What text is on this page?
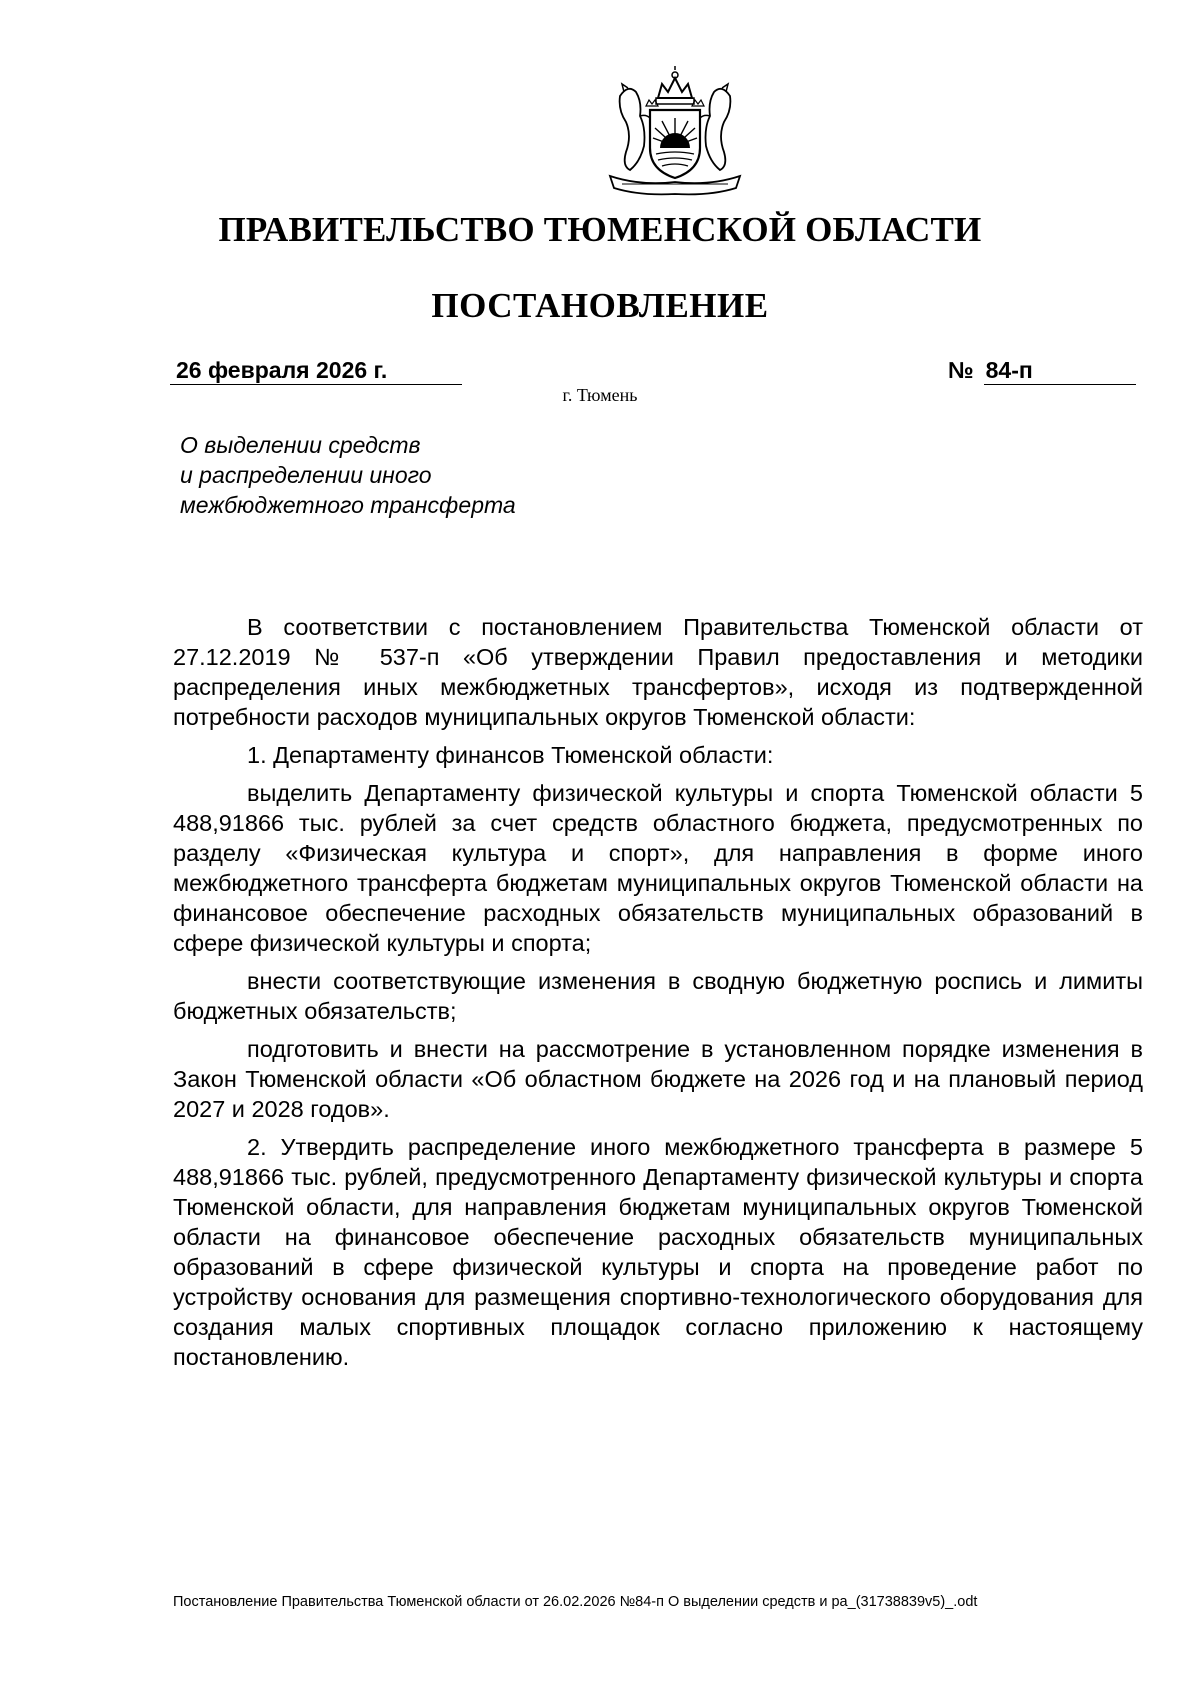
ПРАВИТЕЛЬСТВО ТЮМЕНСКОЙ ОБЛАСТИ
ПОСТАНОВЛЕНИЕ
26 февраля 2026 г.	№ 84-п
г. Тюмень
О выделении средств
и распределении иного
межбюджетного трансферта

В соответствии с постановлением Правительства Тюменской области от 27.12.2019 № 537-п «Об утверждении Правил предоставления и методики распределения иных межбюджетных трансфертов», исходя из подтвержденной потребности расходов муниципальных округов Тюменской области:

1. Департаменту финансов Тюменской области:

выделить Департаменту физической культуры и спорта Тюменской области 5 488,91866 тыс. рублей за счет средств областного бюджета, предусмотренных по разделу «Физическая культура и спорт», для направления в форме иного межбюджетного трансферта бюджетам муниципальных округов Тюменской области на финансовое обеспечение расходных обязательств муниципальных образований в сфере физической культуры и спорта;

внести соответствующие изменения в сводную бюджетную роспись и лимиты бюджетных обязательств;

подготовить и внести на рассмотрение в установленном порядке изменения в Закон Тюменской области «Об областном бюджете на 2026 год и на плановый период 2027 и 2028 годов».

2. Утвердить распределение иного межбюджетного трансферта в размере 5 488,91866 тыс. рублей, предусмотренного Департаменту физической культуры и спорта Тюменской области, для направления бюджетам муниципальных округов Тюменской области на финансовое обеспечение расходных обязательств муниципальных образований в сфере физической культуры и спорта на проведение работ по устройству основания для размещения спортивно-технологического оборудования для создания малых спортивных площадок согласно приложению к настоящему постановлению.

Постановление Правительства Тюменской области от 26.02.2026 №84-п О выделении средств и ра_(31738839v5)_.odt
